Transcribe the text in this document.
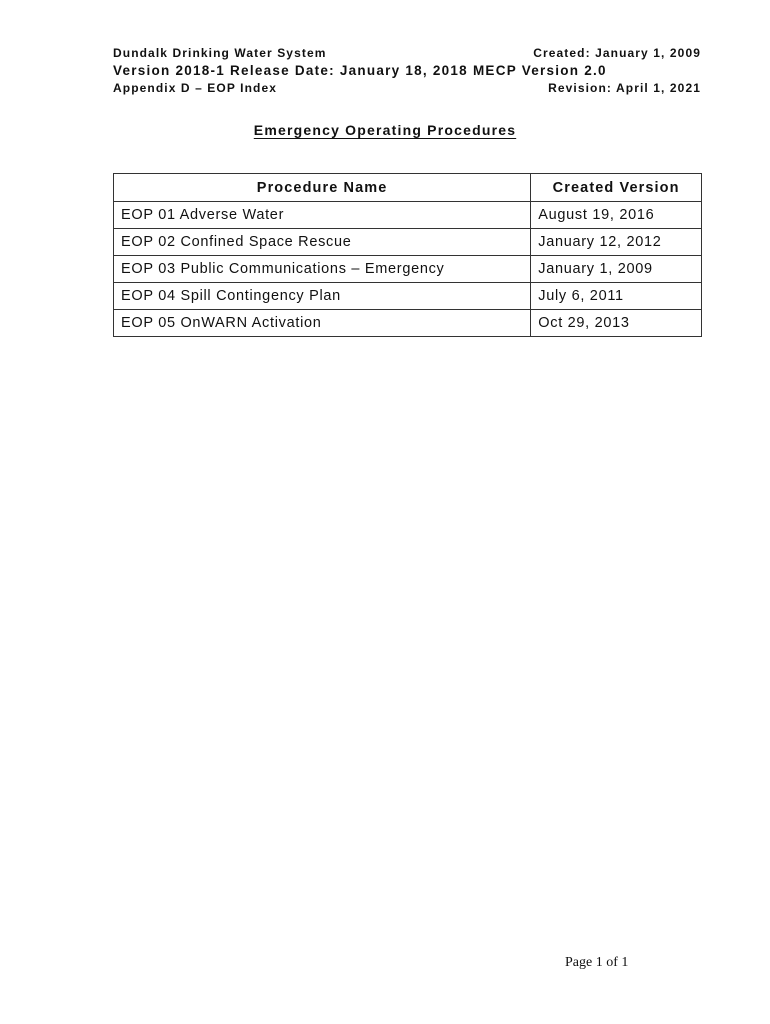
Dundalk Drinking Water System	Created: January 1, 2009
Version 2018-1 Release Date: January 18, 2018 MECP Version 2.0
Appendix D – EOP Index	Revision: April 1, 2021
Emergency Operating Procedures
Procedure Name	Created Version
EOP 01 Adverse Water	August 19, 2016
EOP 02 Confined Space Rescue	January 12, 2012
EOP 03 Public Communications – Emergency	January 1, 2009
EOP 04 Spill Contingency Plan	July 6, 2011
EOP 05 OnWARN Activation	Oct 29, 2013
Page 1 of 1
